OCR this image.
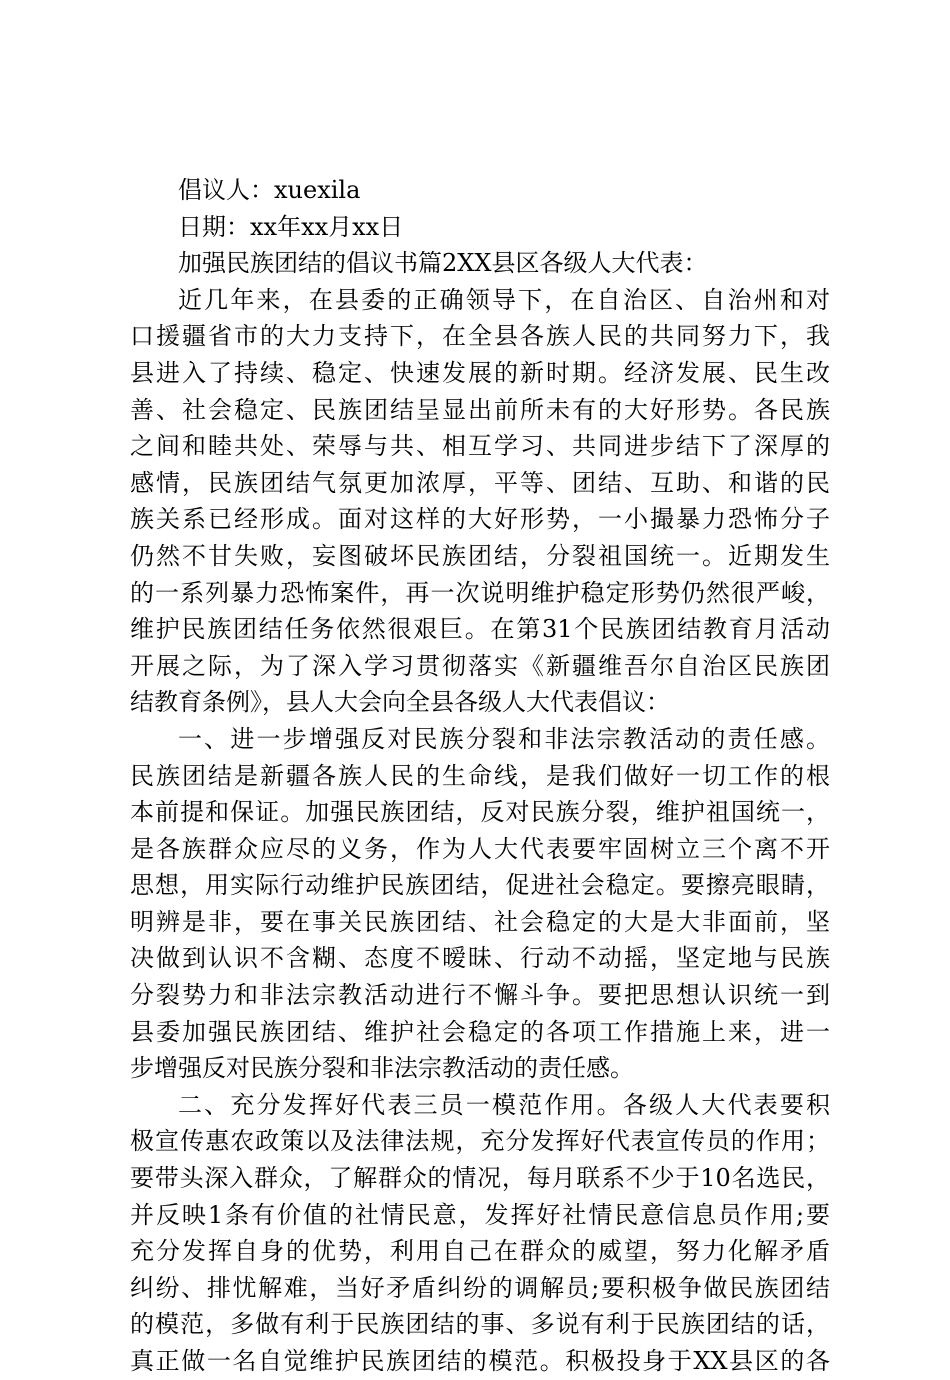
倡议人：xuexila
日期：xx年xx月xx日
加强民族团结的倡议书篇2XX县区各级人大代表：
近几年来，在县委的正确领导下，在自治区、自治州和对
口援疆省市的大力支持下，在全县各族人民的共同努力下，我
县进入了持续、稳定、快速发展的新时期。经济发展、民生改
善、社会稳定、民族团结呈显出前所未有的大好形势。各民族
之间和睦共处、荣辱与共、相互学习、共同进步结下了深厚的
感情，民族团结气氛更加浓厚，平等、团结、互助、和谐的民
族关系已经形成。面对这样的大好形势，一小撮暴力恐怖分子
仍然不甘失败，妄图破坏民族团结，分裂祖国统一。近期发生
的一系列暴力恐怖案件，再一次说明维护稳定形势仍然很严峻，
维护民族团结任务依然很艰巨。在第31个民族团结教育月活动
开展之际，为了深入学习贯彻落实《新疆维吾尔自治区民族团
结教育条例》，县人大会向全县各级人大代表倡议：
一、进一步增强反对民族分裂和非法宗教活动的责任感。
民族团结是新疆各族人民的生命线，是我们做好一切工作的根
本前提和保证。加强民族团结，反对民族分裂，维护祖国统一，
是各族群众应尽的义务，作为人大代表要牢固树立三个离不开
思想，用实际行动维护民族团结，促进社会稳定。要擦亮眼睛，
明辨是非，要在事关民族团结、社会稳定的大是大非面前，坚
决做到认识不含糊、态度不暧昧、行动不动摇，坚定地与民族
分裂势力和非法宗教活动进行不懈斗争。要把思想认识统一到
县委加强民族团结、维护社会稳定的各项工作措施上来，进一
步增强反对民族分裂和非法宗教活动的责任感。
二、充分发挥好代表三员一模范作用。各级人大代表要积
极宣传惠农政策以及法律法规，充分发挥好代表宣传员的作用；
要带头深入群众，了解群众的情况，每月联系不少于10名选民，
并反映1条有价值的社情民意，发挥好社情民意信息员作用;要
充分发挥自身的优势，利用自己在群众的威望，努力化解矛盾
纠纷、排忧解难，当好矛盾纠纷的调解员;要积极争做民族团结
的模范，多做有利于民族团结的事、多说有利于民族团结的话，
真正做一名自觉维护民族团结的模范。积极投身于XX县区的各
